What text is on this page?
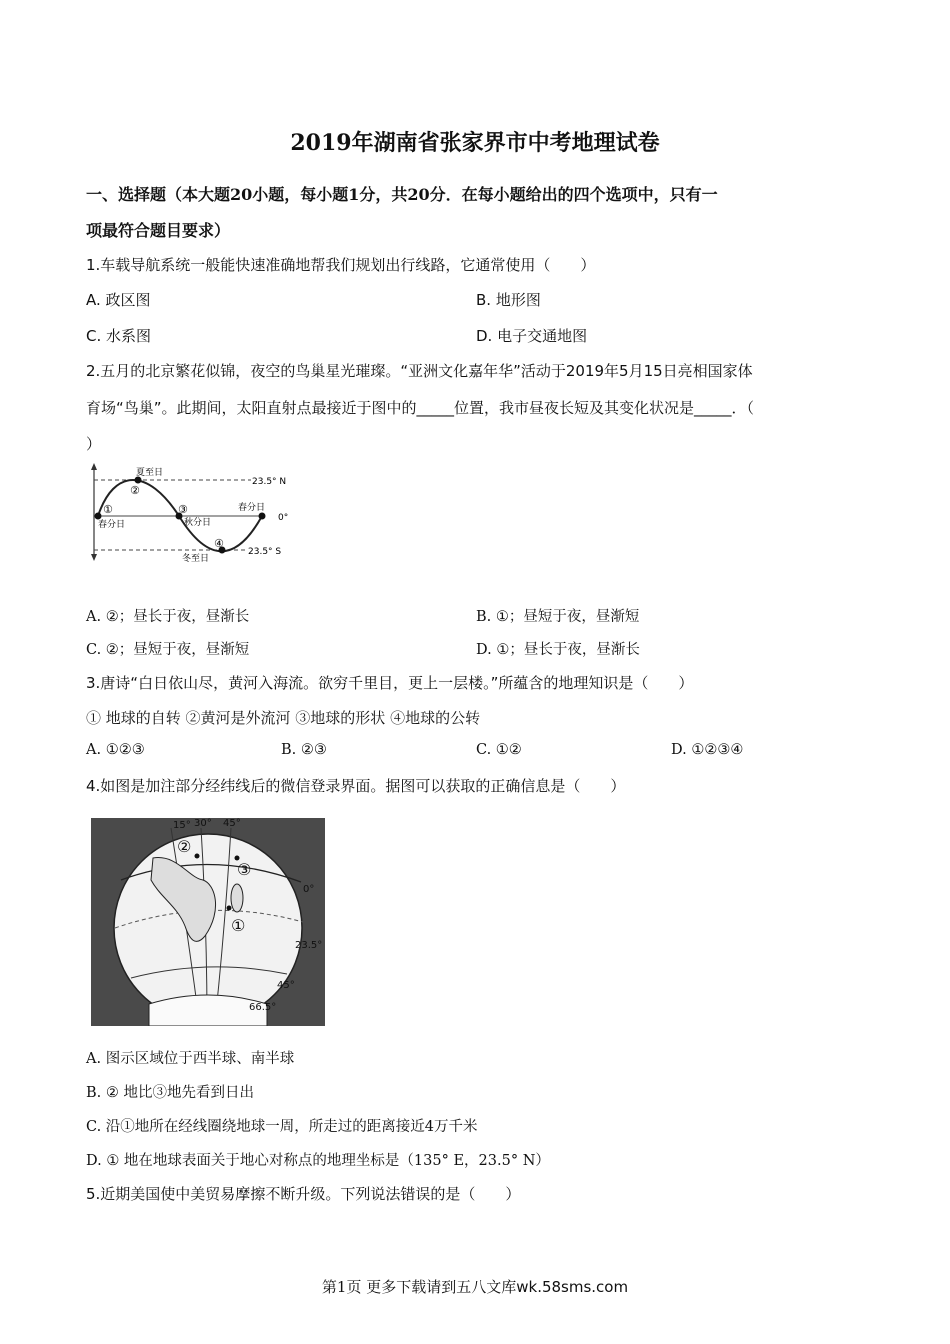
2019年湖南省张家界市中考地理试卷
一、选择题（本大题20小题，每小题1分，共20分．在每小题给出的四个选项中，只有一
项最符合题目要求）
1.车载导航系统一般能快速准确地帮我们规划出行线路，它通常使用（　　）
A. 政区图	B. 地形图
C. 水系图	D. 电子交通地图
2.五月的北京繁花似锦，夜空的鸟巢星光璀璨。“亚洲文化嘉年华”活动于2019年5月15日亮相国家体
育场“鸟巢”。此期间，太阳直射点最接近于图中的_____位置，我市昼夜长短及其变化状况是_____．（
）
23.5° N
0°
23.5° S
夏至日
②
①
春分日
③
秋分日
④
冬至日
春分日
A. ②；昼长于夜，昼渐长	B. ①；昼短于夜，昼渐短
C. ②；昼短于夜，昼渐短	D. ①；昼长于夜，昼渐长
3.唐诗“白日依山尽，黄河入海流。欲穷千里目，更上一层楼。”所蕴含的地理知识是（　　）
① 地球的自转 ②黄河是外流河 ③地球的形状 ④地球的公转
A. ①②③	B. ②③	C. ①②	D. ①②③④
4.如图是加注部分经纬线后的微信登录界面。据图可以获取的正确信息是（　　）
15° 30° 45°
②
③
①
0°
23.5°
45°
66.5°
A. 图示区域位于西半球、南半球
B. ② 地比③地先看到日出
C. 沿①地所在经线圈绕地球一周，所走过的距离接近4万千米
D. ① 地在地球表面关于地心对称点的地理坐标是（135° E，23.5° N）
5.近期美国使中美贸易摩擦不断升级。下列说法错误的是（　　）
第1页 更多下载请到五八文库wk.58sms.com
